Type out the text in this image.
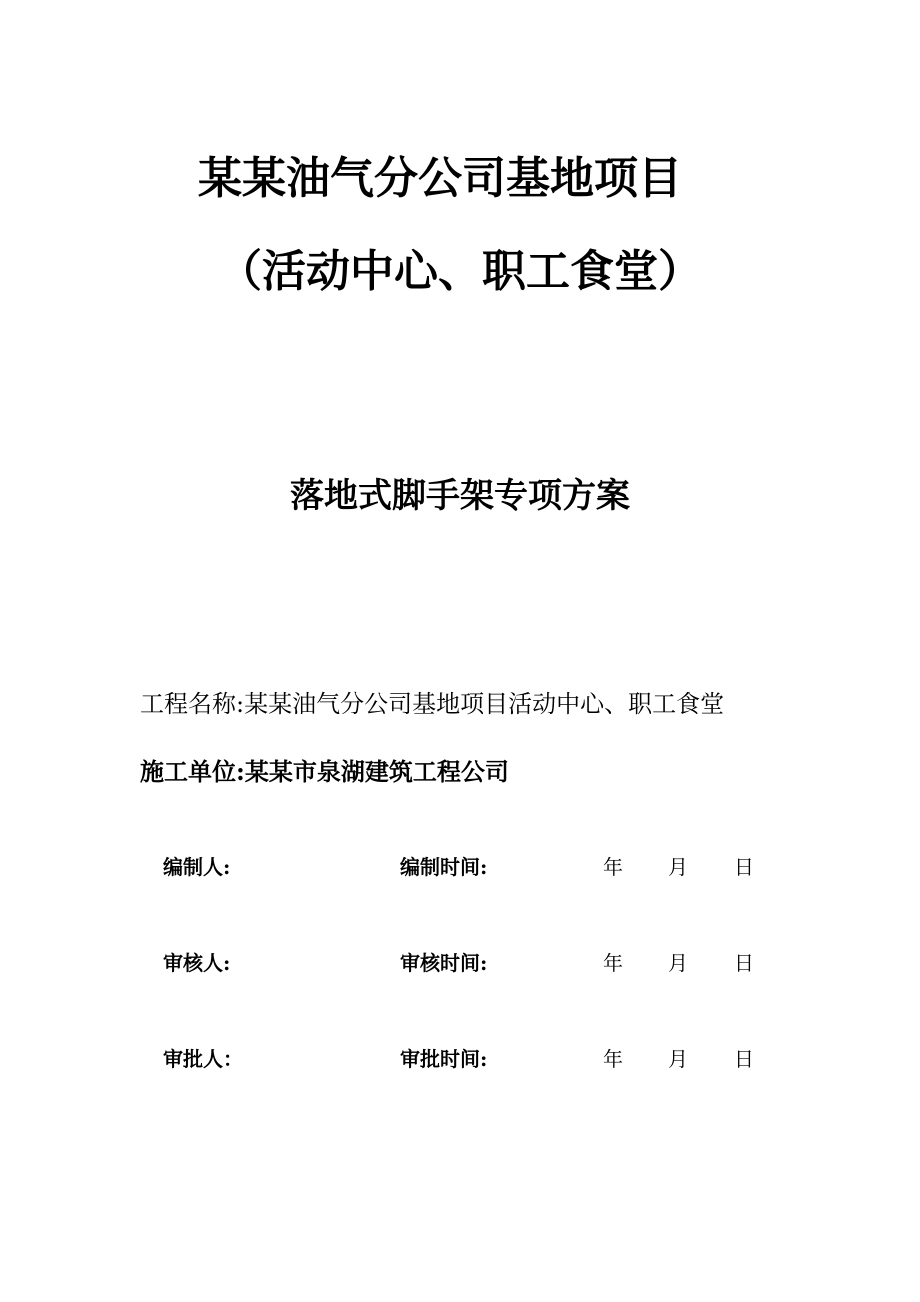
某某油气分公司基地项目
（活动中心、职工食堂）
落地式脚手架专项方案
工程名称:某某油气分公司基地项目活动中心、职工食堂
施工单位:某某市泉湖建筑工程公司
编制人:	编制时间:	年 月 日
审核人:	审核时间:	年 月 日
审批人：	审批时间:	年 月 日
